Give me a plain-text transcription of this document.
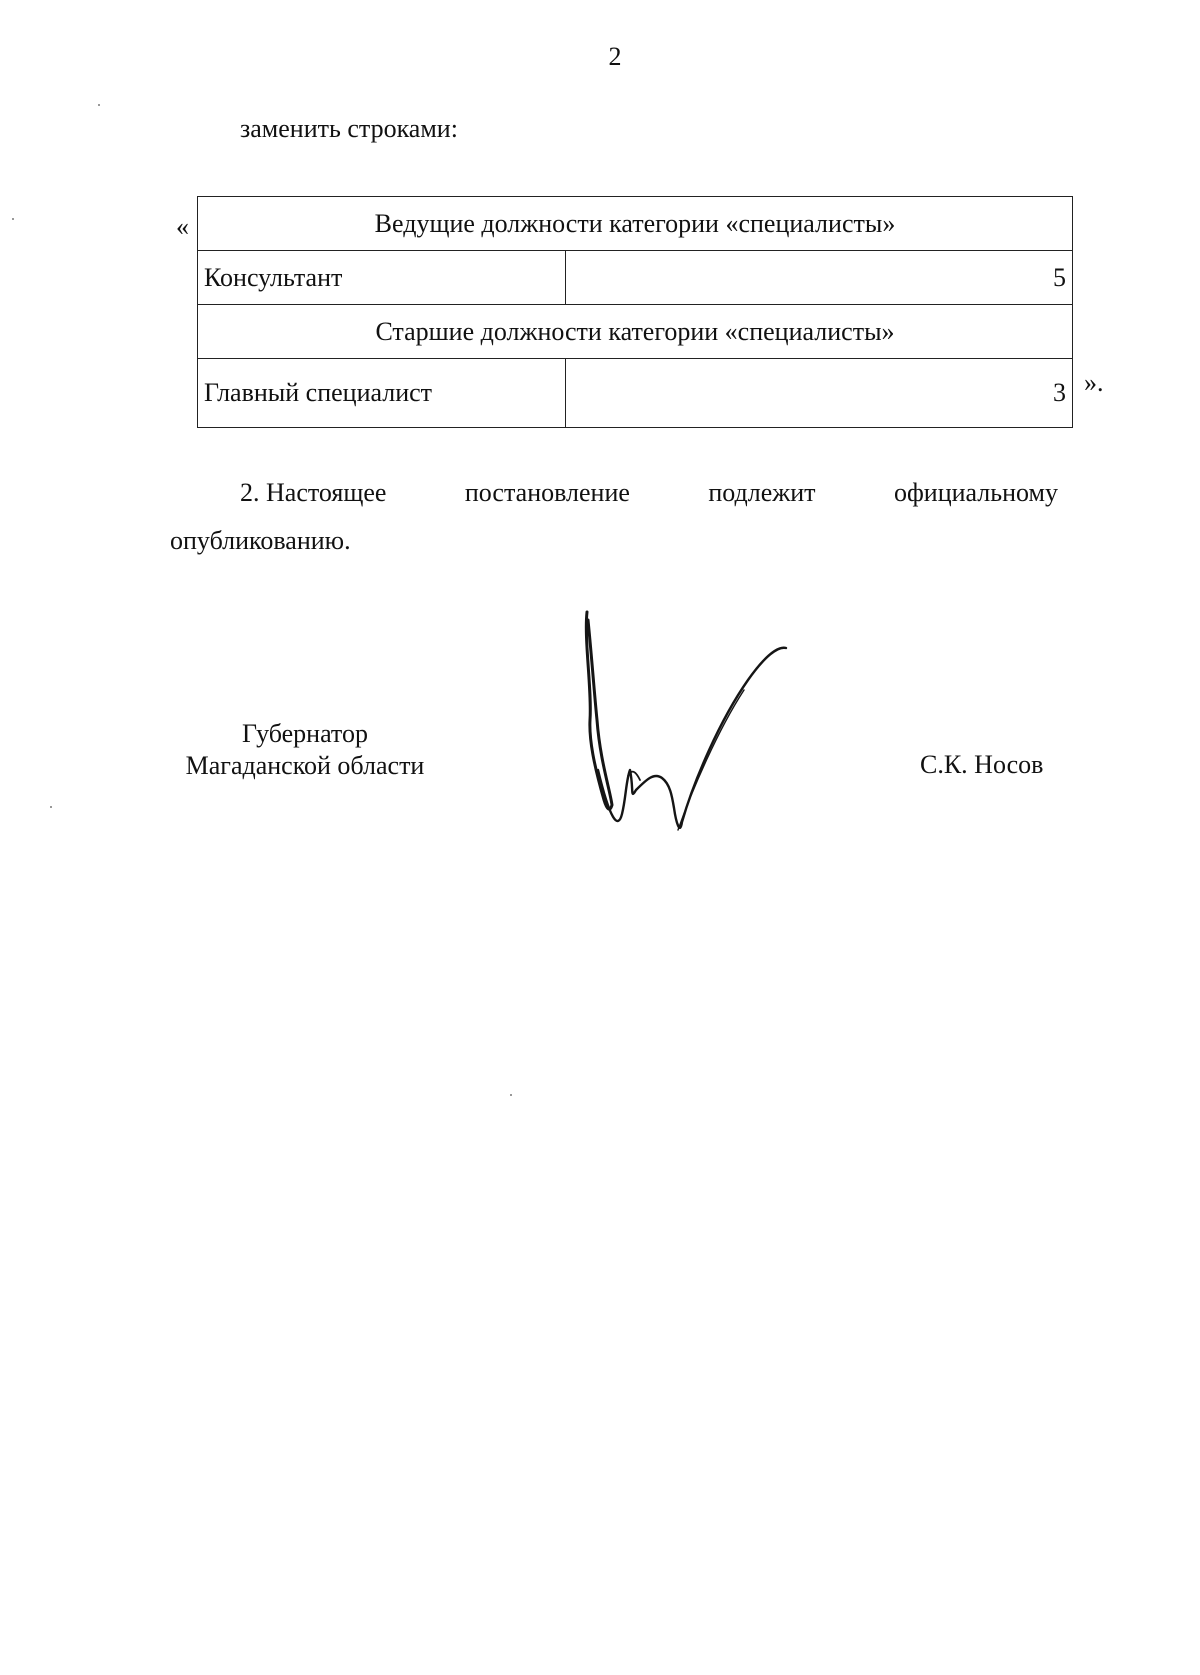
2
заменить строками:
«	Ведущие должности категории «специалисты»	
Консультант	5
Старшие должности категории «специалисты»	
Главный специалист	3 ».
2. Настоящее	постановление	подлежит	официальному
опубликованию.
Губернатор
Магаданской области	С.К. Носов
